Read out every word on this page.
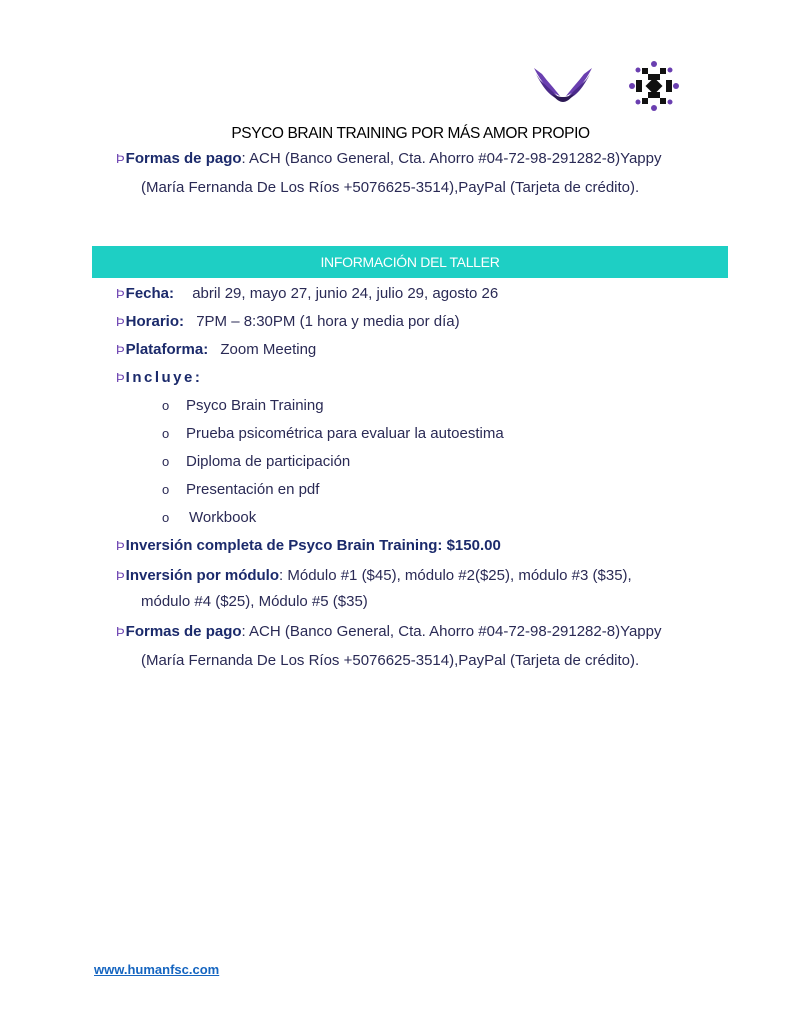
PSYCO BRAIN TRAINING POR MÁS AMOR PROPIO
ÞFormas de pago: ACH (Banco General, Cta. Ahorro #04-72-98-291282-8)Yappy
(María Fernanda De Los Ríos +5076625-3514),PayPal (Tarjeta de crédito).
INFORMACIÓN DEL TALLER
ÞFecha: abril 29, mayo 27, junio 24, julio 29, agosto 26
ÞHorario: 7PM – 8:30PM (1 hora y media por día)
ÞPlataforma: Zoom Meeting
ÞIncluye:
o Psyco Brain Training
o Prueba psicométrica para evaluar la autoestima
o Diploma de participación
o Presentación en pdf
o Workbook
ÞInversión completa de Psyco Brain Training: $150.00
ÞInversión por módulo: Módulo #1 ($45), módulo #2($25), módulo #3 ($35),
módulo #4 ($25), Módulo #5 ($35)
ÞFormas de pago: ACH (Banco General, Cta. Ahorro #04-72-98-291282-8)Yappy
(María Fernanda De Los Ríos +5076625-3514),PayPal (Tarjeta de crédito).
www.humanfsc.com
